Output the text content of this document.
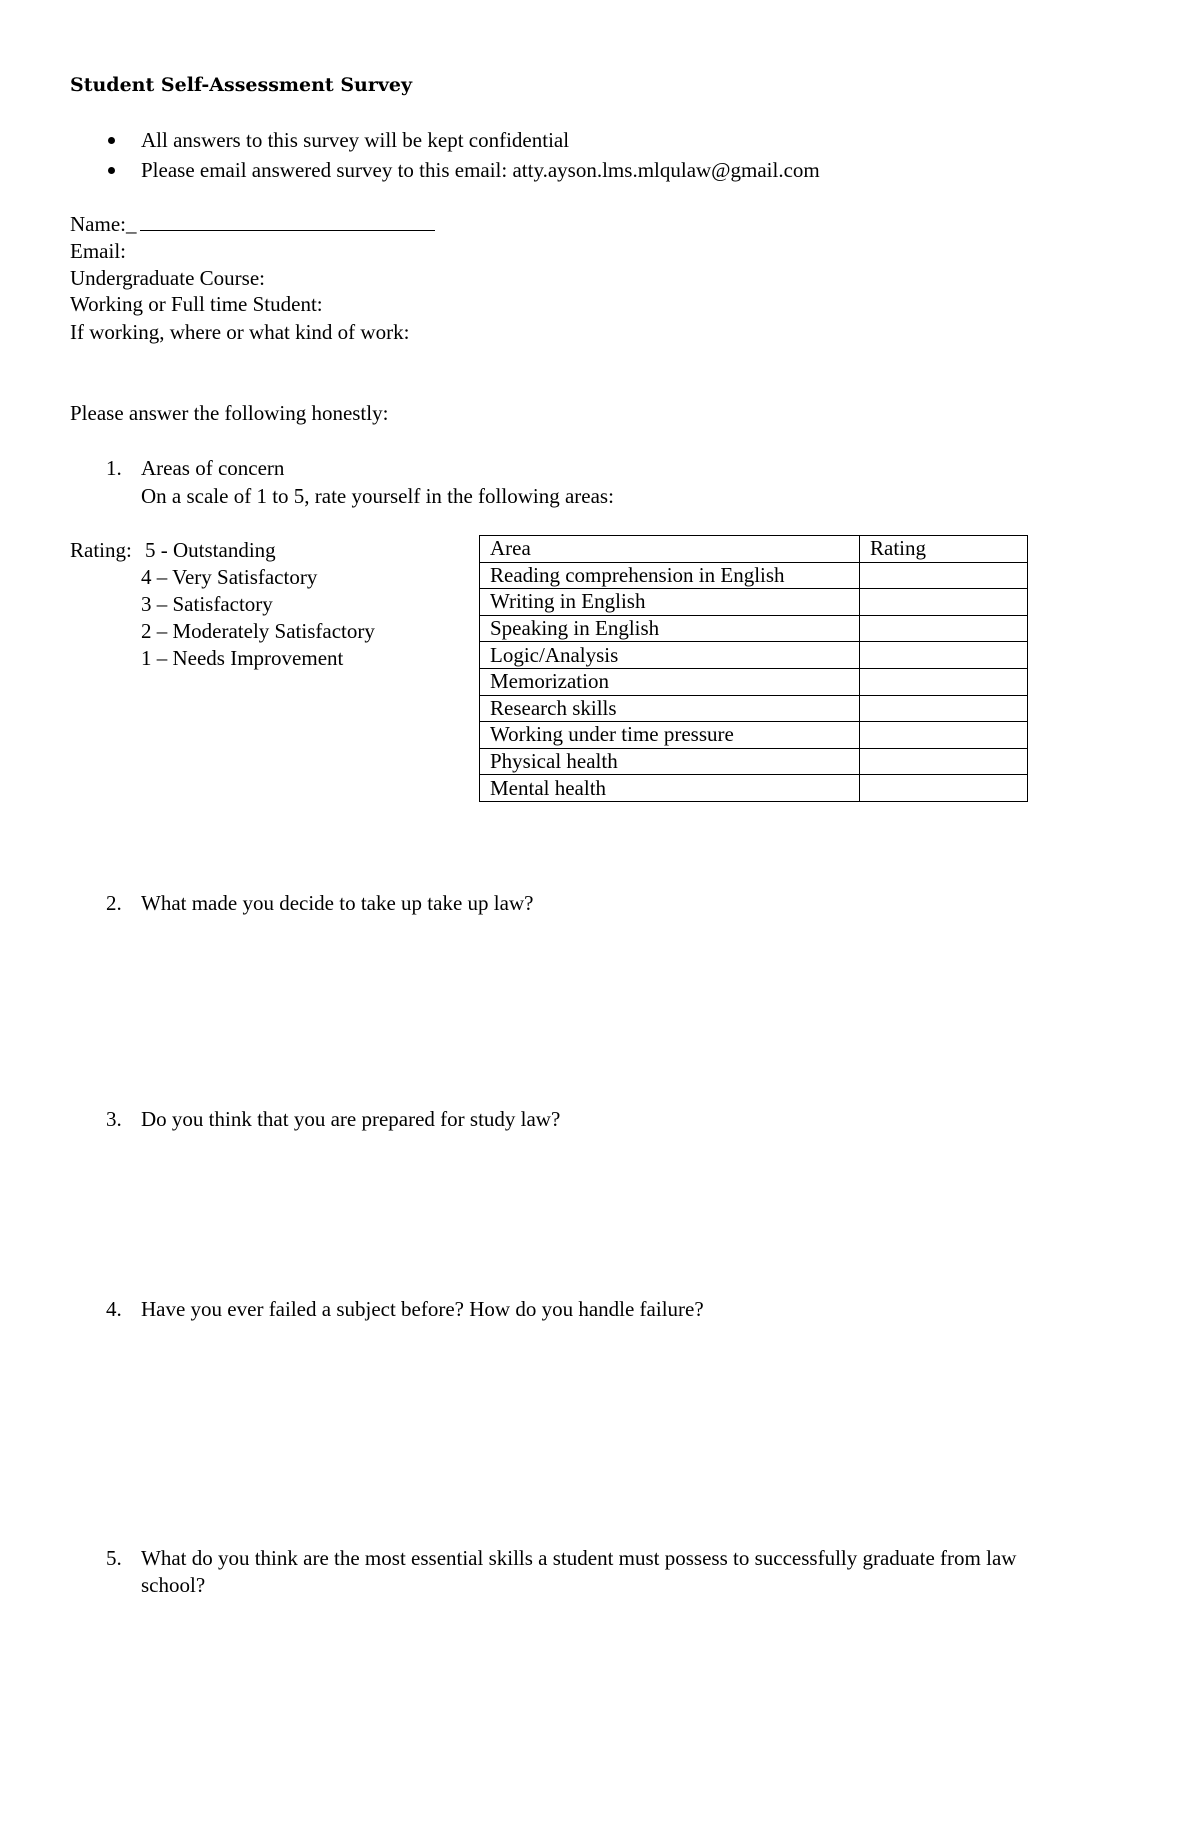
Student Self-Assessment Survey
All answers to this survey will be kept confidential
Please email answered survey to this email: atty.ayson.lms.mlqulaw@gmail.com
Name:_
Email:
Undergraduate Course:
Working or Full time Student:
If working, where or what kind of work:
Please answer the following honestly:
1. Areas of concern
On a scale of 1 to 5, rate yourself in the following areas:
Rating: 5 - Outstanding
4 – Very Satisfactory
3 – Satisfactory
2 – Moderately Satisfactory
1 – Needs Improvement
Area	Rating
Reading comprehension in English	
Writing in English	
Speaking in English	
Logic/Analysis	
Memorization	
Research skills	
Working under time pressure	
Physical health	
Mental health	
2. What made you decide to take up take up law?
3. Do you think that you are prepared for study law?
4. Have you ever failed a subject before? How do you handle failure?
5. What do you think are the most essential skills a student must possess to successfully graduate from law
school?
